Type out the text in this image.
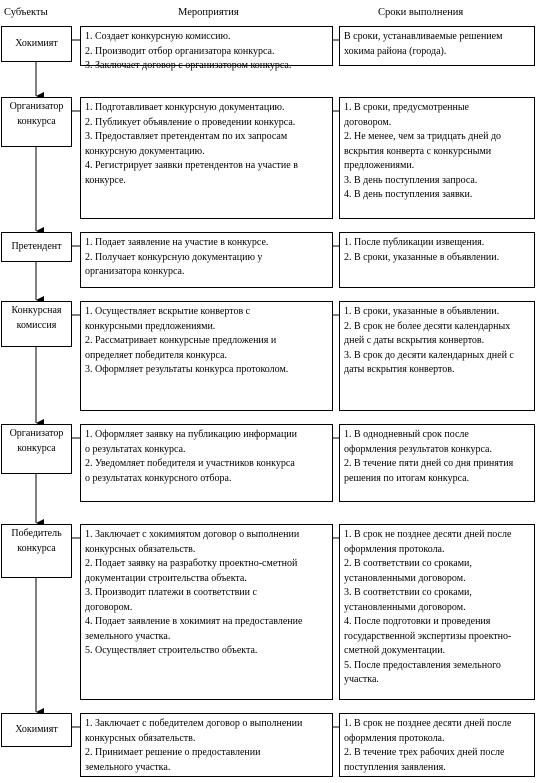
Субъекты	Мероприятия	Сроки выполнения
Хокимият
1. Создает конкурсную комиссию.
2. Производит отбор организатора конкурса.
3. Заключает договор с организатором конкурса.
В сроки, устанавливаемые решением
хокима района (города).
Организатор конкурса
1. Подготавливает конкурсную документацию.
2. Публикует объявление о проведении конкурса.
3. Предоставляет претендентам по их запросам
конкурсную документацию.
4. Регистрирует заявки претендентов на участие в
конкурсе.
1. В сроки, предусмотренные
договором.
2. Не менее, чем за тридцать дней до
вскрытия конверта с конкурсными
предложениями.
3. В день поступления запроса.
4. В день поступления заявки.
Претендент 1. Подает заявление на участие в конкурсе.
2. Получает конкурсную документацию у
организатора конкурса.
1. После публикации извещения.
2. В сроки, указанные в объявлении.
Конкурсная комиссия
1. Осуществляет вскрытие конвертов с
конкурсными предложениями.
2. Рассматривает конкурсные предложения и
определяет победителя конкурса.
3. Оформляет результаты конкурса протоколом.
1. В сроки, указанные в объявлении.
2. В срок не более десяти календарных
дней с даты вскрытия конвертов.
3. В срок до десяти календарных дней с
даты вскрытия конвертов.
Организатор конкурса
1. Оформляет заявку на публикацию информации
о результатах конкурса.
2. Уведомляет победителя и участников конкурса
о результатах конкурсного отбора.
1. В однодневный срок после
оформления результатов конкурса.
2. В течение пяти дней со дня принятия
решения по итогам конкурса.
Победитель конкурса
1. Заключает с хокимиятом договор о выполнении
конкурсных обязательств.
2. Подает заявку на разработку проектно-сметной
документации строительства объекта.
3. Производит платежи в соответствии с
договором.
4. Подает заявление в хокимият на предоставление
земельного участка.
5. Осуществляет строительство объекта.
1. В срок не позднее десяти дней после
оформления протокола.
2. В соответствии со сроками,
установленными договором.
3. В соответствии со сроками,
установленными договором.
4. После подготовки и проведения
государственной экспертизы проектно-
сметной документации.
5. После предоставления земельного
участка.
Хокимият
1. Заключает с победителем договор о выполнении
конкурсных обязательств.
2. Принимает решение о предоставлении
земельного участка.
1. В срок не позднее десяти дней после
оформления протокола.
2. В течение трех рабочих дней после
поступления заявления.
